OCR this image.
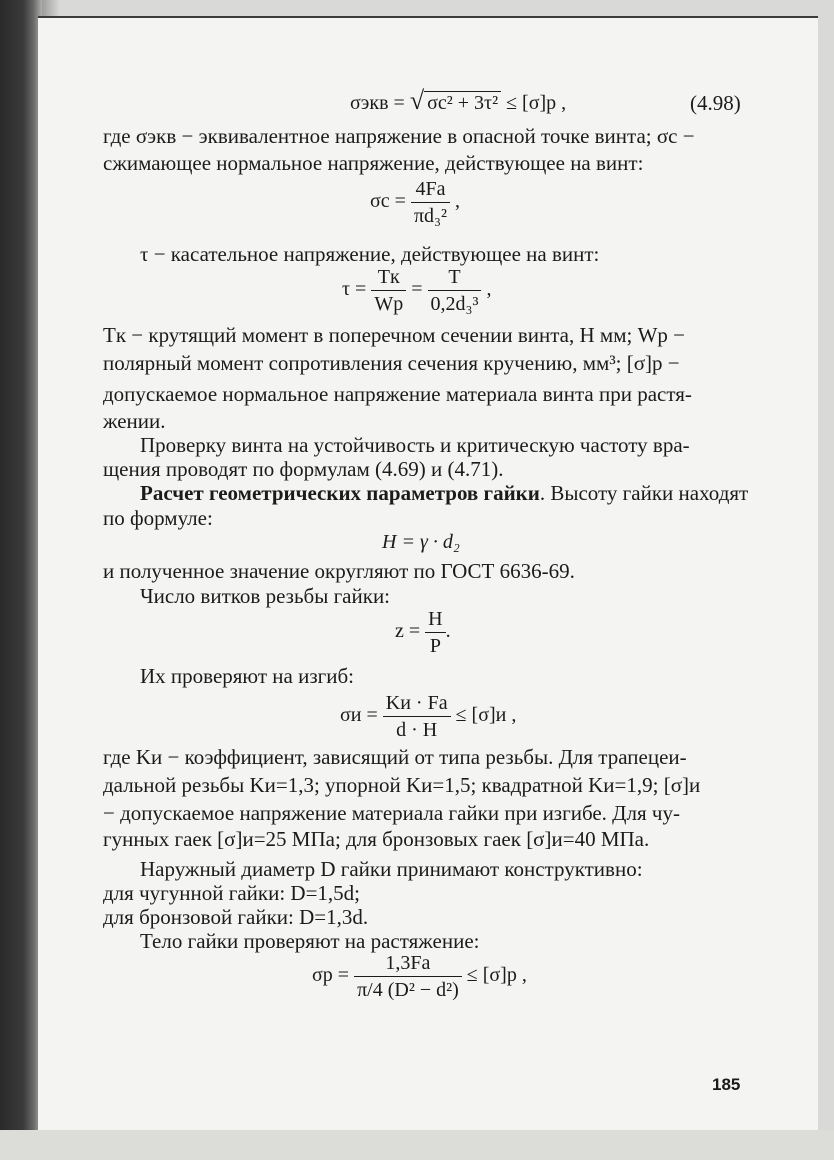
σэкв = √ σc² + 3τ² ≤ [σ]p ,	(4.98)
где σэкв − эквивалентное напряжение в опасной точке винта; σc −
сжимающее нормальное напряжение, действующее на винт:
$\sigma c = \frac{4Fa}{\text{πd₃²}}$ ,
τ − касательное напряжение, действующее на винт:
$\tau = \frac{Tк}{Wp} = \frac{T}{\text{0,2d₃³}}$ ,
Tк − крутящий момент в поперечном сечении винта, Н мм; Wp −
полярный момент сопротивления сечения кручению, мм³; [σ]p −
допускаемое нормальное напряжение материала винта при растя-
жении.
Проверку винта на устойчивость и критическую частоту вра-
щения проводят по формулам (4.69) и (4.71).
Расчет геометрических параметров гайки. Высоту гайки находят
по формуле:
H = γ · d₂
и полученное значение округляют по ГОСТ 6636-69.
Число витков резьбы гайки:
$z = \frac{H}{P}$ .
Их проверяют на изгиб:
$\sigma и = \frac{Kи \cdot Fa}{d \cdot H} \le [\sigma]и$ ,
где Kи − коэффициент, зависящий от типа резьбы. Для трапецеи-
дальной резьбы Kи=1,3; упорной Kи=1,5; квадратной Kи=1,9; [σ]и
− допускаемое напряжение материала гайки при изгибе. Для чу-
гунных гаек [σ]и=25 МПа; для бронзовых гаек [σ]и=40 МПа.
Наружный диаметр D гайки принимают конструктивно:
для чугунной гайки: D=1,5d;
для бронзовой гайки: D=1,3d.
Тело гайки проверяют на растяжение:
$\sigma p = \frac{1,3Fa}{\text{π/4 (D² − d²)}} \le [\sigma]p$ ,
185
